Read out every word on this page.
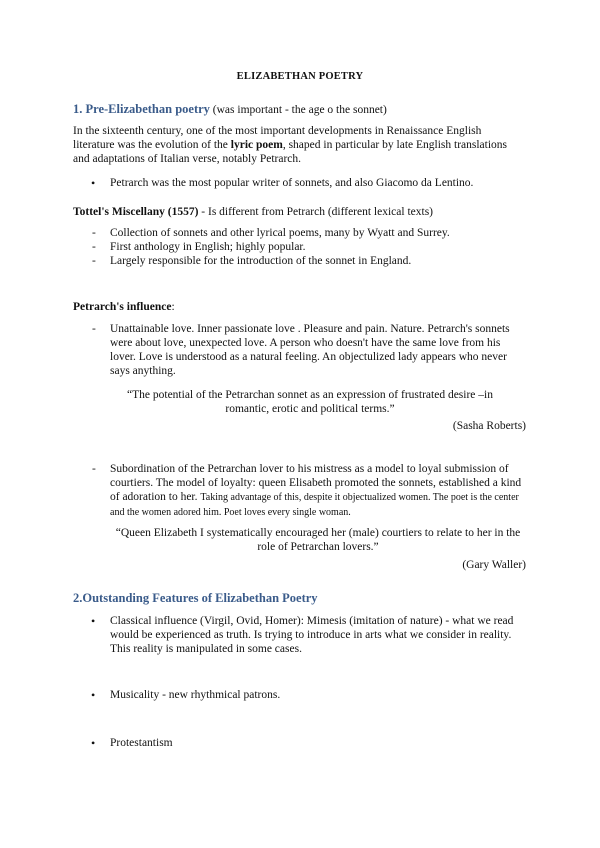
ELIZABETHAN POETRY
1. Pre-Elizabethan poetry (was important - the age o the sonnet)

In the sixteenth century, one of the most important developments in Renaissance English literature was the evolution of the lyric poem, shaped in particular by late English translations and adaptations of Italian verse, notably Petrarch.

• Petrarch was the most popular writer of sonnets, and also Giacomo da Lentino.

Tottel's Miscellany (1557) - Is different from Petrarch (different lexical texts)

- Collection of sonnets and other lyrical poems, many by Wyatt and Surrey.
- First anthology in English; highly popular.
- Largely responsible for the introduction of the sonnet in England.

Petrarch's influence:

- Unattainable love. Inner passionate love . Pleasure and pain. Nature. Petrarch's sonnets were about love, unexpected love. A person who doesn't have the same love from his lover. Love is understood as a natural feeling. An objectulized lady appears who never says anything.

“The potential of the Petrarchan sonnet as an expression of frustrated desire –in romantic, erotic and political terms.”

(Sasha Roberts)

- Subordination of the Petrarchan lover to his mistress as a model to loyal submission of courtiers. The model of loyalty: queen Elisabeth promoted the sonnets, established a kind of adoration to her. Taking advantage of this, despite it objectualized women. The poet is the center and the women adored him. Poet loves every single woman.

“Queen Elizabeth I systematically encouraged her (male) courtiers to relate to her in the role of Petrarchan lovers.”

(Gary Waller)

2.Outstanding Features of Elizabethan Poetry
• Classical influence (Virgil, Ovid, Homer): Mimesis (imitation of nature) - what we read would be experienced as truth. Is trying to introduce in arts what we consider in reality. This reality is manipulated in some cases.
• Musicality - new rhythmical patrons.
• Protestantism
